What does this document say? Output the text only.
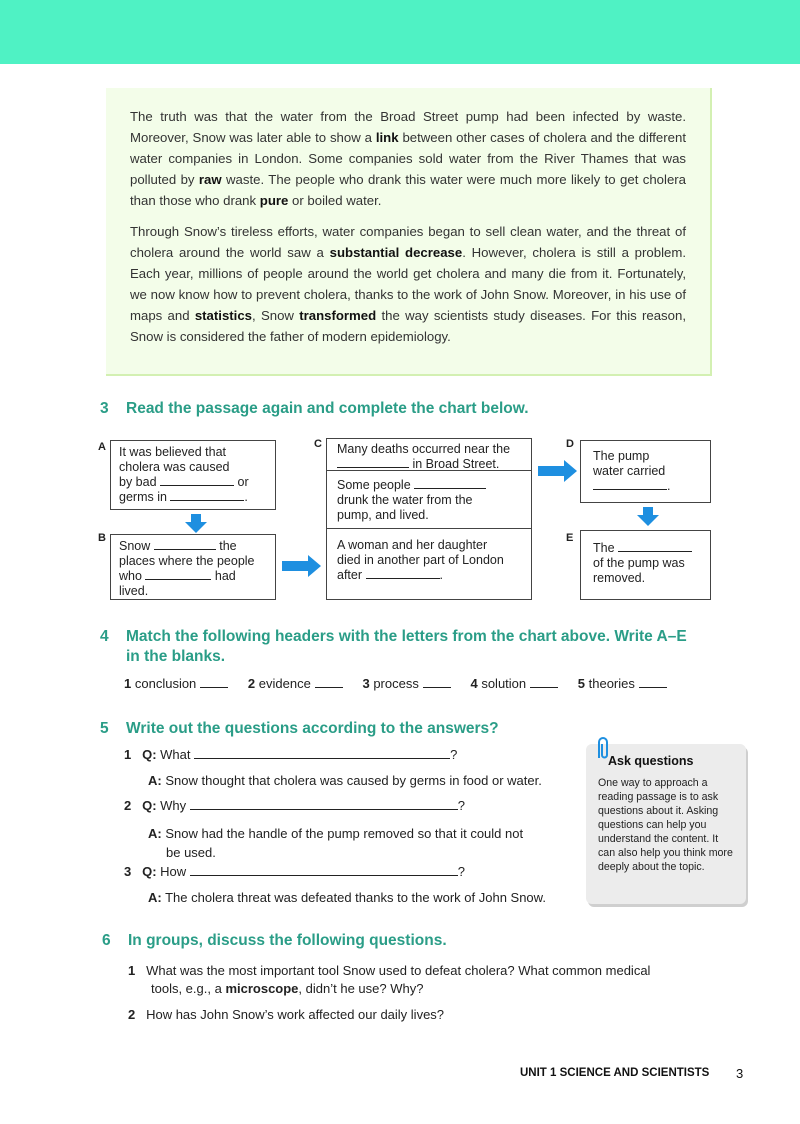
The truth was that the water from the Broad Street pump had been infected by waste. Moreover, Snow was later able to show a link between other cases of cholera and the different water companies in London. Some companies sold water from the River Thames that was polluted by raw waste. The people who drank this water were much more likely to get cholera than those who drank pure or boiled water.

Through Snow’s tireless efforts, water companies began to sell clean water, and the threat of cholera around the world saw a substantial decrease. However, cholera is still a problem. Each year, millions of people around the world get cholera and many die from it. Fortunately, we now know how to prevent cholera, thanks to the work of John Snow. Moreover, in his use of maps and statistics, Snow transformed the way scientists study diseases. For this reason, Snow is considered the father of modern epidemiology.

3 Read the passage again and complete the chart below.
A It was believed that
cholera was caused
by bad	or
germs in	.
B
Snow	the
places where the people
who	had
lived.
C Many deaths occurred near the
in Broad Street.
Some people
drunk the water from the
pump, and lived.
A woman and her daughter
died in another part of London
after	.
D
The pump
water carried
.
E
The
of the pump was
removed.
4 Match the following headers with the letters from the chart above. Write A–E
in the blanks.
1 conclusion	2 evidence	3 process	4 solution	5 theories
5 Write out the questions according to the answers?
1 Q: What	?
A: Snow thought that cholera was caused by germs in food or water.
2 Q: Why	?
A: Snow had the handle of the pump removed so that it could not
be used.
3 Q: How	?
A: The cholera threat was defeated thanks to the work of John Snow.
Ask questions
One way to approach a reading passage is to ask questions about it. Asking questions can help you understand the content. It can also help you think more deeply about the topic.
6 In groups, discuss the following questions.
1 What was the most important tool Snow used to defeat cholera? What common medical
tools, e.g., a microscope, didn’t he use? Why?
2 How has John Snow’s work affected our daily lives?
UNIT 1 SCIENCE AND SCIENTISTS 3
